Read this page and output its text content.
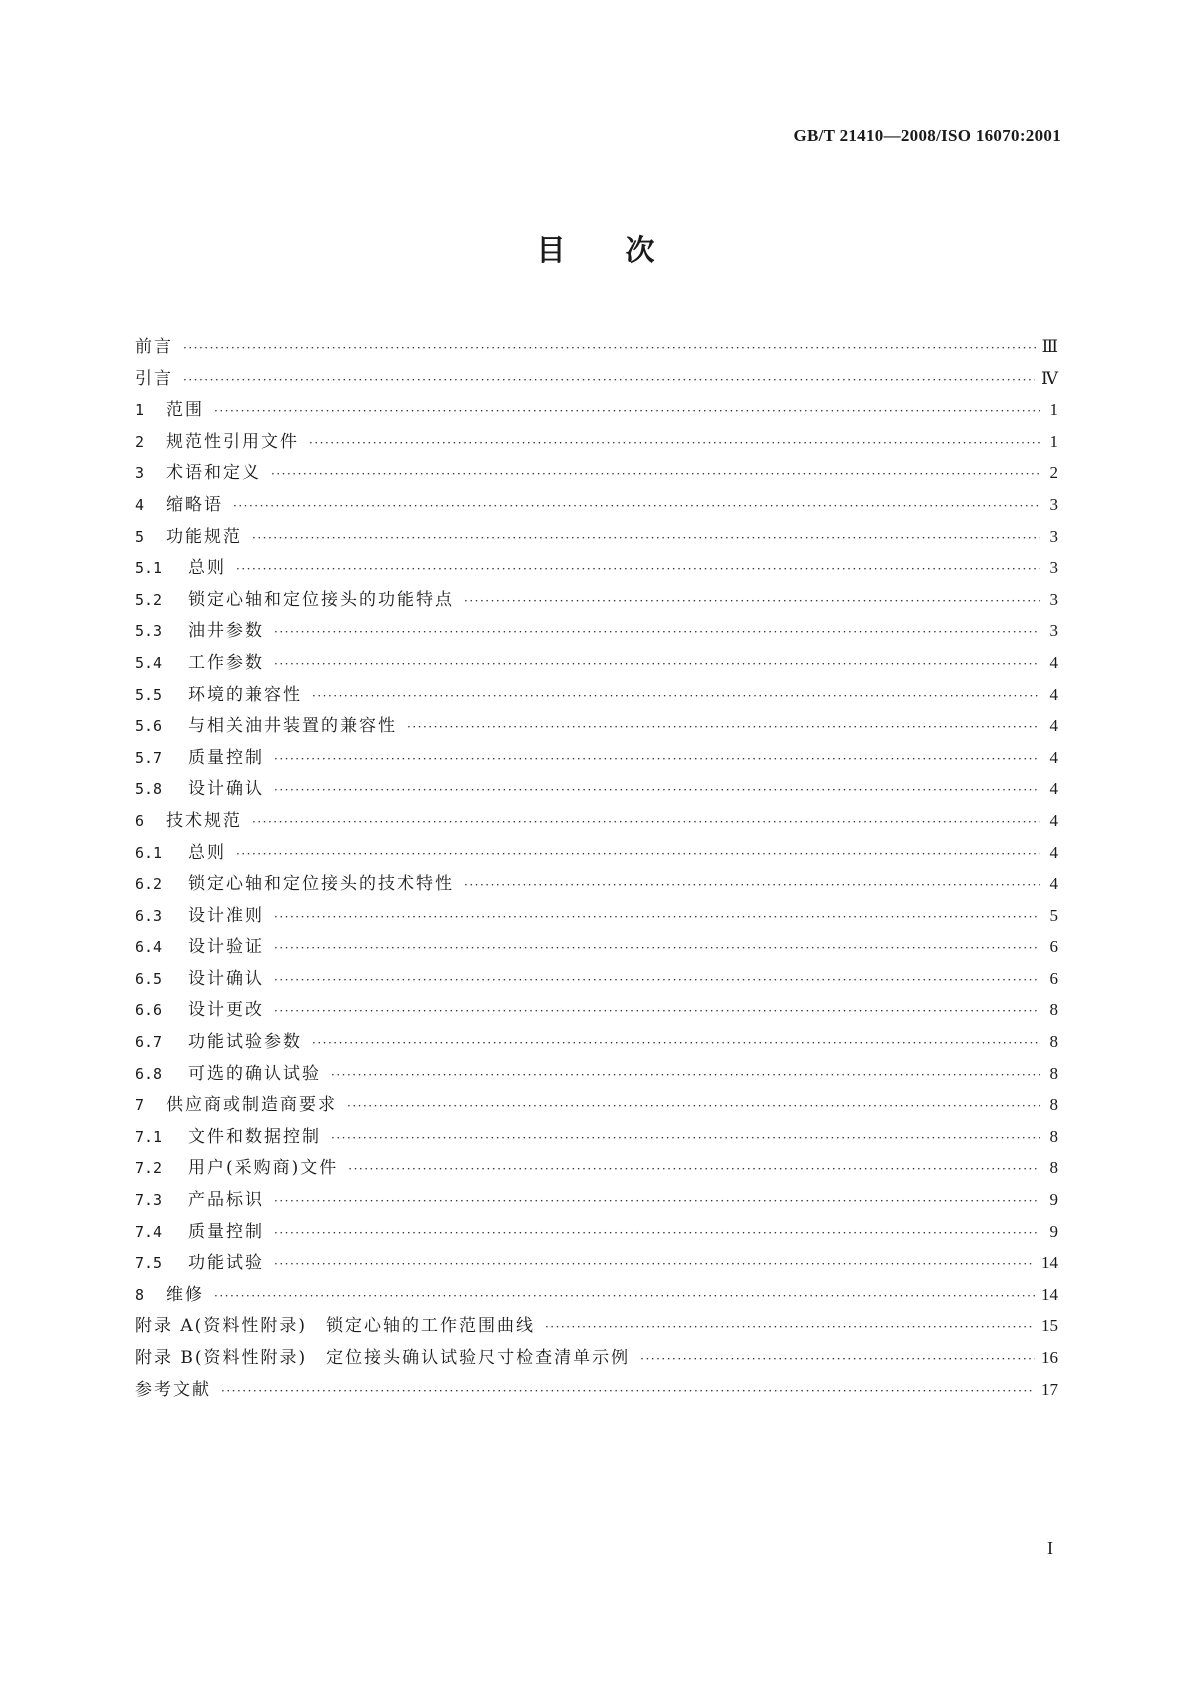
GB/T 21410—2008/ISO 16070:2001
目次
前言 ·····	Ⅲ
引言 ·····	Ⅳ
1	范围 ·····	1
2	规范性引用文件 ·····	1
3	术语和定义 ·····	2
4	缩略语 ·····	3
5	功能规范 ·····	3
5.1	总则 ·····	3
5.2	锁定心轴和定位接头的功能特点 ·····	3
5.3	油井参数 ·····	3
5.4	工作参数 ·····	4
5.5	环境的兼容性 ·····	4
5.6	与相关油井装置的兼容性 ·····	4
5.7	质量控制 ·····	4
5.8	设计确认 ·····	4
6	技术规范 ·····	4
6.1	总则 ·····	4
6.2	锁定心轴和定位接头的技术特性 ·····	4
6.3	设计准则 ·····	5
6.4	设计验证 ·····	6
6.5	设计确认 ·····	6
6.6	设计更改 ·····	8
6.7	功能试验参数 ·····	8
6.8	可选的确认试验 ·····	8
7	供应商或制造商要求 ·····	8
7.1	文件和数据控制 ·····	8
7.2	用户(采购商)文件 ·····	8
7.3	产品标识 ·····	9
7.4	质量控制 ·····	9
7.5	功能试验 ·····	14
8	维修 ·····	14
附录 A(资料性附录)　锁定心轴的工作范围曲线 ·····	15
附录 B(资料性附录)　定位接头确认试验尺寸检查清单示例 ·····	16
参考文献 ·····	17
I
